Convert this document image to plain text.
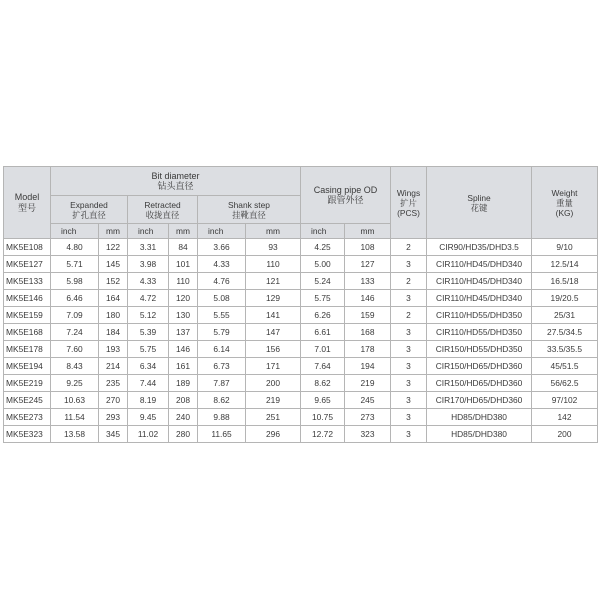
Model
型号	Bit diameter
钻头直径						Casing pipe OD
跟管外径		Wings
扩片
(PCS)	Spline
花键	Weight
重量
(KG)

	Expanded
扩孔直径		Retracted
收拢直径		Shank step
挂靴直径						

	inch	mm	inch	mm	inch	mm	inch	mm			
MK5E108	4.80	122	3.31	84	3.66	93	4.25	108	2	CIR90/HD35/DHD3.5	9/10
MK5E127	5.71	145	3.98	101	4.33	110	5.00	127	3	CIR110/HD45/DHD340	12.5/14
MK5E133	5.98	152	4.33	110	4.76	121	5.24	133	2	CIR110/HD45/DHD340	16.5/18
MK5E146	6.46	164	4.72	120	5.08	129	5.75	146	3	CIR110/HD45/DHD340	19/20.5
MK5E159	7.09	180	5.12	130	5.55	141	6.26	159	2	CIR110/HD55/DHD350	25/31
MK5E168	7.24	184	5.39	137	5.79	147	6.61	168	3	CIR110/HD55/DHD350	27.5/34.5
MK5E178	7.60	193	5.75	146	6.14	156	7.01	178	3	CIR150/HD55/DHD350	33.5/35.5
MK5E194	8.43	214	6.34	161	6.73	171	7.64	194	3	CIR150/HD65/DHD360	45/51.5
MK5E219	9.25	235	7.44	189	7.87	200	8.62	219	3	CIR150/HD65/DHD360	56/62.5
MK5E245	10.63	270	8.19	208	8.62	219	9.65	245	3	CIR170/HD65/DHD360	97/102
MK5E273	11.54	293	9.45	240	9.88	251	10.75	273	3	HD85/DHD380	142
MK5E323	13.58	345	11.02	280	11.65	296	12.72	323	3	HD85/DHD380	200
